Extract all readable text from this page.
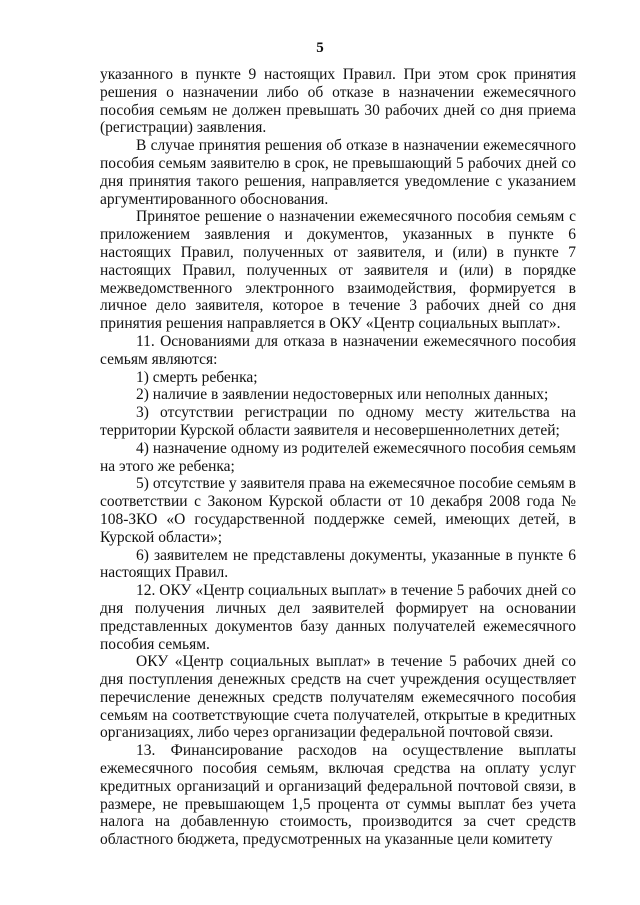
5

указанного в пункте 9 настоящих Правил. При этом срок принятия решения о назначении либо об отказе в назначении ежемесячного пособия семьям не должен превышать 30 рабочих дней со дня приема (регистрации) заявления.

В случае принятия решения об отказе в назначении ежемесячного пособия семьям заявителю в срок, не превышающий 5 рабочих дней со дня принятия такого решения, направляется уведомление с указанием аргументированного обоснования.

Принятое решение о назначении ежемесячного пособия семьям с приложением заявления и документов, указанных в пункте 6 настоящих Правил, полученных от заявителя, и (или) в пункте 7 настоящих Правил, полученных от заявителя и (или) в порядке межведомственного электронного взаимодействия, формируется в личное дело заявителя, которое в течение 3 рабочих дней со дня принятия решения направляется в ОКУ «Центр социальных выплат».

11. Основаниями для отказа в назначении ежемесячного пособия семьям являются:

1) смерть ребенка;

2) наличие в заявлении недостоверных или неполных данных;

3) отсутствии регистрации по одному месту жительства на территории Курской области заявителя и несовершеннолетних детей;

4) назначение одному из родителей ежемесячного пособия семьям на этого же ребенка;

5) отсутствие у заявителя права на ежемесячное пособие семьям в соответствии с Законом Курской области от 10 декабря 2008 года № 108-ЗКО «О государственной поддержке семей, имеющих детей, в Курской области»;

6) заявителем не представлены документы, указанные в пункте 6 настоящих Правил.

12. ОКУ «Центр социальных выплат» в течение 5 рабочих дней со дня получения личных дел заявителей формирует на основании представленных документов базу данных получателей ежемесячного пособия семьям.

ОКУ «Центр социальных выплат» в течение 5 рабочих дней со дня поступления денежных средств на счет учреждения осуществляет перечисление денежных средств получателям ежемесячного пособия семьям на соответствующие счета получателей, открытые в кредитных организациях, либо через организации федеральной почтовой связи.

13. Финансирование расходов на осуществление выплаты ежемесячного пособия семьям, включая средства на оплату услуг кредитных организаций и организаций федеральной почтовой связи, в размере, не превышающем 1,5 процента от суммы выплат без учета налога на добавленную стоимость, производится за счет средств областного бюджета, предусмотренных на указанные цели комитету
